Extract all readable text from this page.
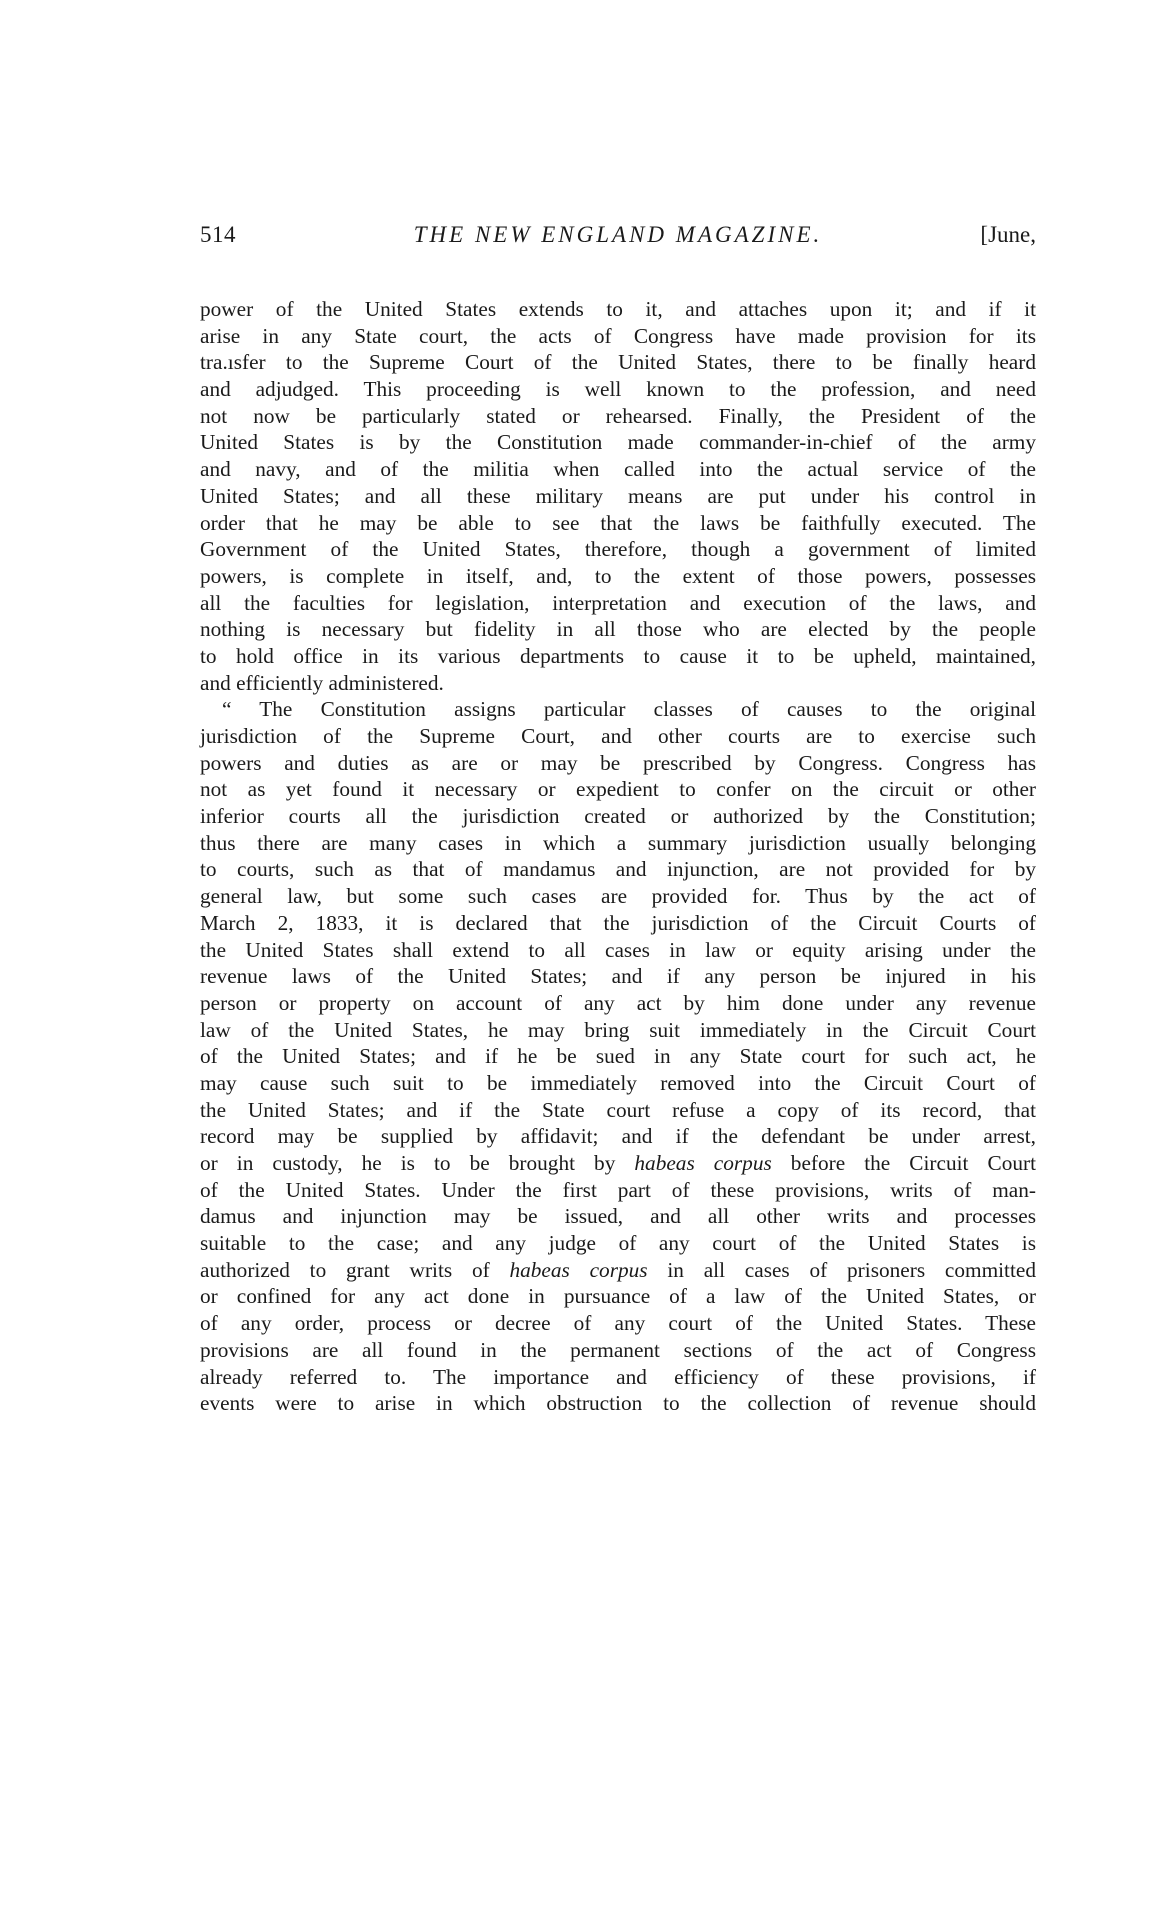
514	THE NEW ENGLAND MAGAZINE.	[June,
power of the United States extends to it, and attaches upon it; and if it
arise in any State court, the acts of Congress have made provision for its
tra.ısfer to the Supreme Court of the United States, there to be finally heard
and adjudged. This proceeding is well known to the profession, and need
not now be particularly stated or rehearsed. Finally, the President of the
United States is by the Constitution made commander-in-chief of the army
and navy, and of the militia when called into the actual service of the
United States; and all these military means are put under his control in
order that he may be able to see that the laws be faithfully executed. The
Government of the United States, therefore, though a government of limited
powers, is complete in itself, and, to the extent of those powers, possesses
all the faculties for legislation, interpretation and execution of the laws, and
nothing is necessary but fidelity in all those who are elected by the people
to hold office in its various departments to cause it to be upheld, maintained,
and efficiently administered.
“ The Constitution assigns particular classes of causes to the original
jurisdiction of the Supreme Court, and other courts are to exercise such
powers and duties as are or may be prescribed by Congress. Congress has
not as yet found it necessary or expedient to confer on the circuit or other
inferior courts all the jurisdiction created or authorized by the Constitution;
thus there are many cases in which a summary jurisdiction usually belonging
to courts, such as that of mandamus and injunction, are not provided for by
general law, but some such cases are provided for. Thus by the act of
March 2, 1833, it is declared that the jurisdiction of the Circuit Courts of
the United States shall extend to all cases in law or equity arising under the
revenue laws of the United States; and if any person be injured in his
person or property on account of any act by him done under any revenue
law of the United States, he may bring suit immediately in the Circuit Court
of the United States; and if he be sued in any State court for such act, he
may cause such suit to be immediately removed into the Circuit Court of
the United States; and if the State court refuse a copy of its record, that
record may be supplied by affidavit; and if the defendant be under arrest,
or in custody, he is to be brought by habeas corpus before the Circuit Court
of the United States. Under the first part of these provisions, writs of man-
damus and injunction may be issued, and all other writs and processes
suitable to the case; and any judge of any court of the United States is
authorized to grant writs of habeas corpus in all cases of prisoners committed
or confined for any act done in pursuance of a law of the United States, or
of any order, process or decree of any court of the United States. These
provisions are all found in the permanent sections of the act of Congress
already referred to. The importance and efficiency of these provisions, if
events were to arise in which obstruction to the collection of revenue should
